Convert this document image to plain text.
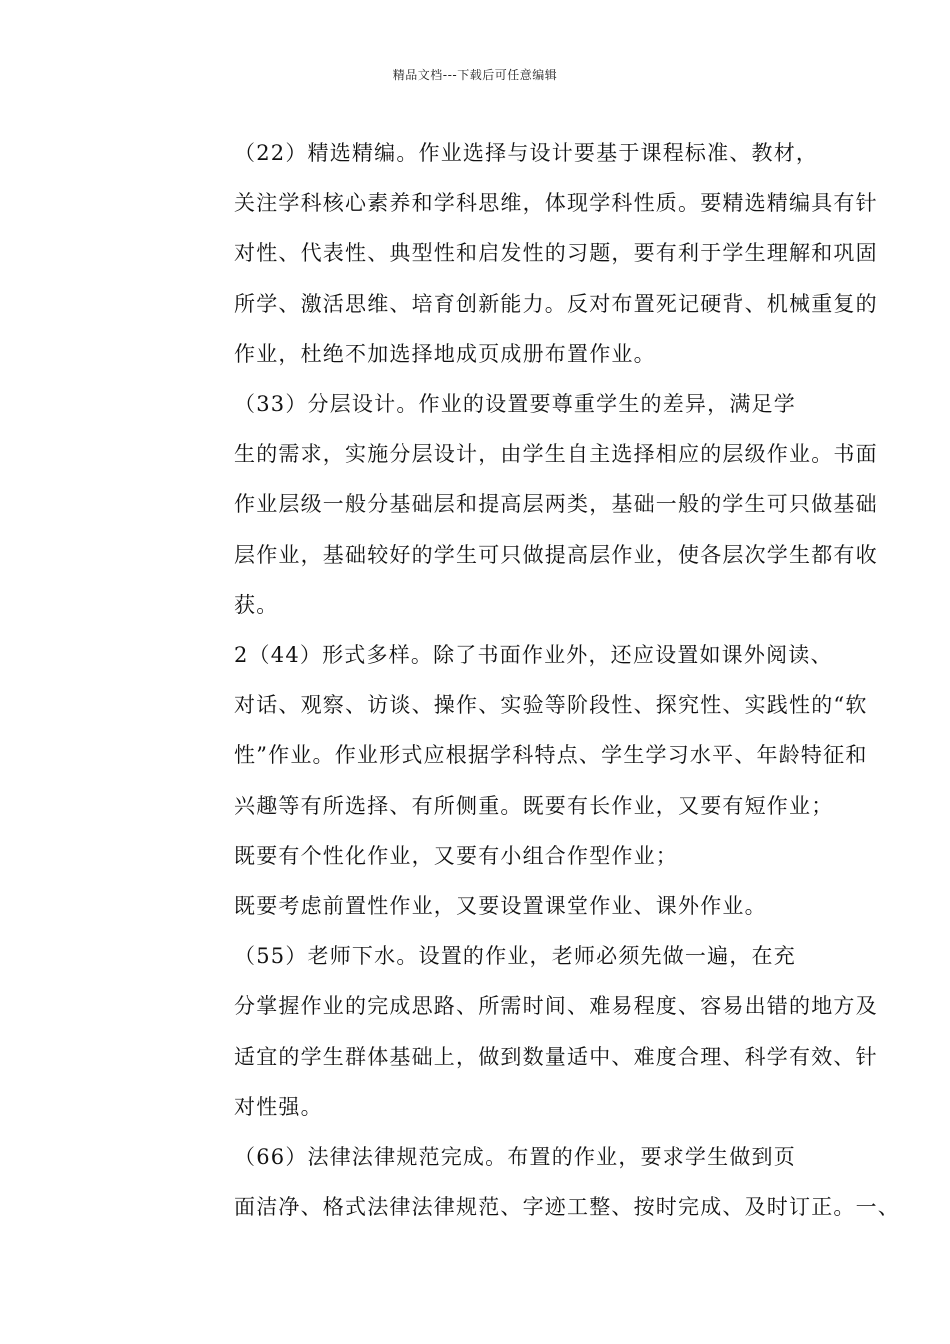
精品文档---下载后可任意编辑

（22）精选精编。作业选择与设计要基于课程标准、教材，
关注学科核心素养和学科思维，体现学科性质。要精选精编具有针
对性、代表性、典型性和启发性的习题，要有利于学生理解和巩固
所学、激活思维、培育创新能力。反对布置死记硬背、机械重复的
作业，杜绝不加选择地成页成册布置作业。

（33）分层设计。作业的设置要尊重学生的差异，满足学
生的需求，实施分层设计，由学生自主选择相应的层级作业。书面
作业层级一般分基础层和提高层两类，基础一般的学生可只做基础
层作业，基础较好的学生可只做提高层作业，使各层次学生都有收
获。

2（44）形式多样。除了书面作业外，还应设置如课外阅读、
对话、观察、访谈、操作、实验等阶段性、探究性、实践性的“软
性”作业。作业形式应根据学科特点、学生学习水平、年龄特征和
兴趣等有所选择、有所侧重。既要有长作业，又要有短作业；

既要有个性化作业，又要有小组合作型作业；

既要考虑前置性作业，又要设置课堂作业、课外作业。

（55）老师下水。设置的作业，老师必须先做一遍，在充
分掌握作业的完成思路、所需时间、难易程度、容易出错的地方及
适宜的学生群体基础上，做到数量适中、难度合理、科学有效、针
对性强。

（66）法律法律规范完成。布置的作业，要求学生做到页
面洁净、格式法律法律规范、字迹工整、按时完成、及时订正。一、
